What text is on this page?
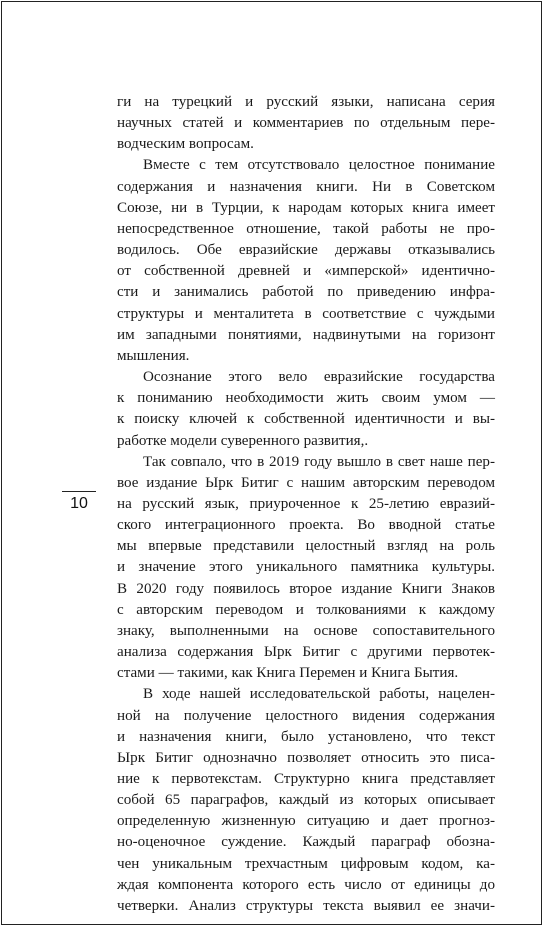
10
ги на турецкий и русский языки, написана серия
научных статей и комментариев по отдельным пере-
водческим вопросам.
Вместе с тем отсутствовало целостное понимание
содержания и назначения книги. Ни в Советском
Союзе, ни в Турции, к народам которых книга имеет
непосредственное отношение, такой работы не про-
водилось. Обе евразийские державы отказывались
от собственной древней и «имперской» идентично-
сти и занимались работой по приведению инфра-
структуры и менталитета в соответствие с чуждыми
им западными понятиями, надвинутыми на горизонт
мышления.
Осознание этого вело евразийские государства
к пониманию необходимости жить своим умом —
к поиску ключей к собственной идентичности и вы-
работке модели суверенного развития,.
Так совпало, что в 2019 году вышло в свет наше пер-
вое издание Ырк Битиг с нашим авторским переводом
на русский язык, приуроченное к 25-летию евразий-
ского интеграционного проекта. Во вводной статье
мы впервые представили целостный взгляд на роль
и значение этого уникального памятника культуры.
В 2020 году появилось второе издание Книги Знаков
с авторским переводом и толкованиями к каждому
знаку, выполненными на основе сопоставительного
анализа содержания Ырк Битиг с другими первотек-
стами — такими, как Книга Перемен и Книга Бытия.
В ходе нашей исследовательской работы, нацелен-
ной на получение целостного видения содержания
и назначения книги, было установлено, что текст
Ырк Битиг однозначно позволяет относить это писа-
ние к первотекстам. Структурно книга представляет
собой 65 параграфов, каждый из которых описывает
определенную жизненную ситуацию и дает прогноз-
но-оценочное суждение. Каждый параграф обозна-
чен уникальным трехчастным цифровым кодом, ка-
ждая компонента которого есть число от единицы до
четверки. Анализ структуры текста выявил ее значи-
